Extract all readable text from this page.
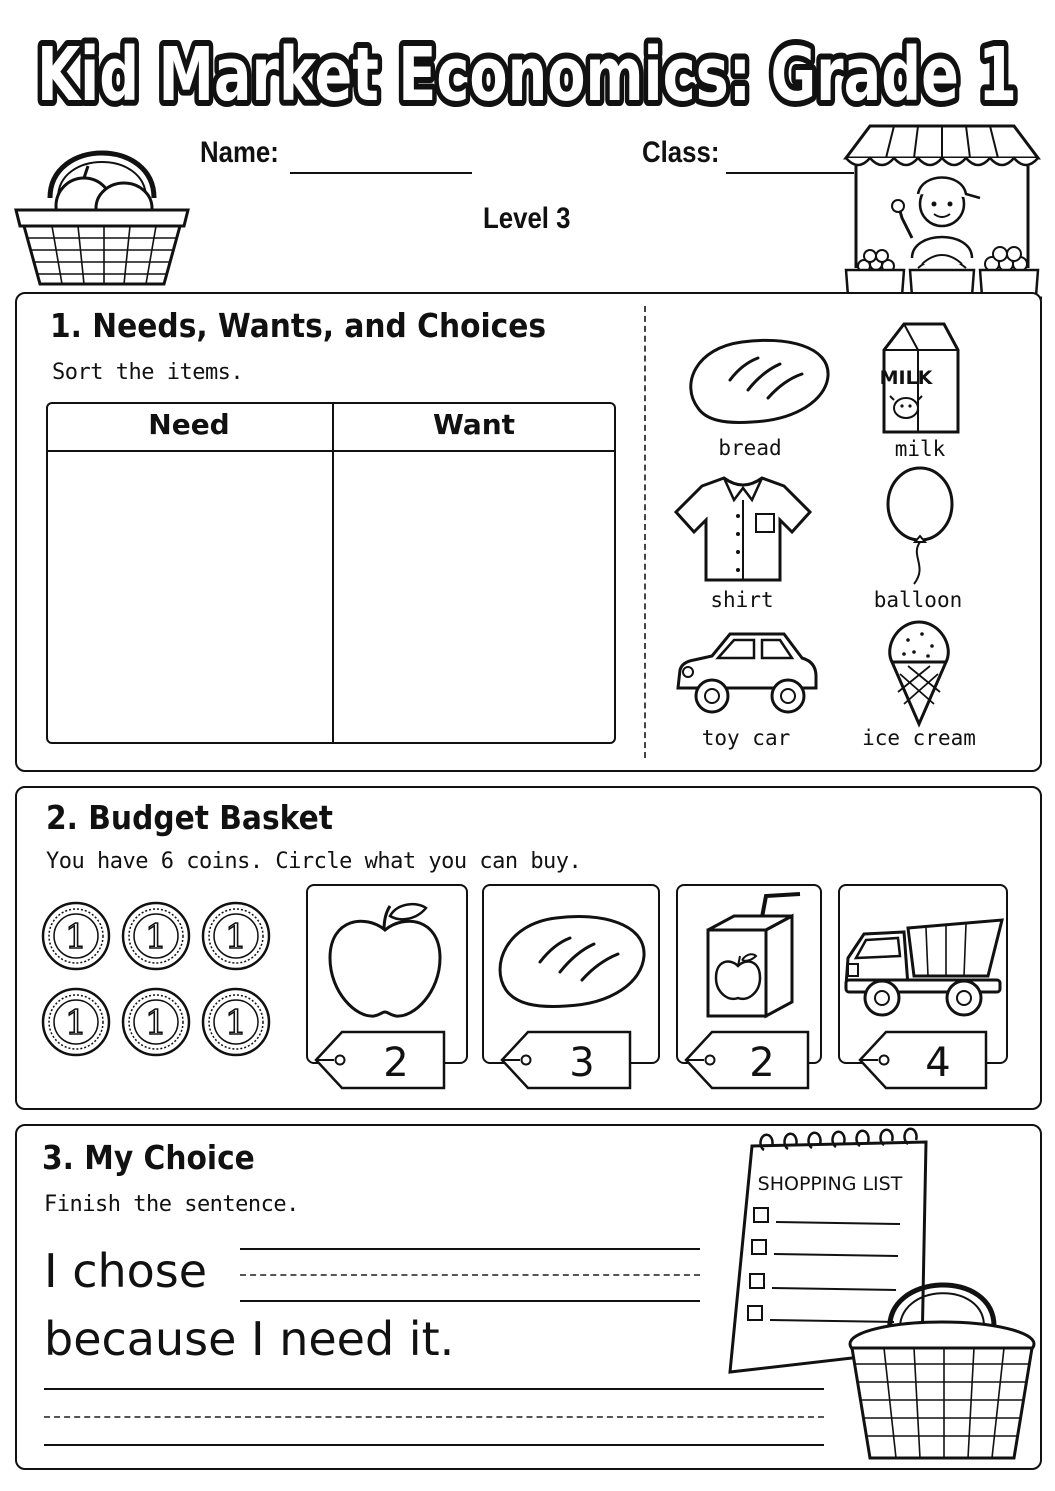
Kid Market Economics: Grade 1
Kid Market Economics: Grade 1
Name:	Class:
Level 3
1. Needs, Wants, and Choices
Sort the items.
Need	Want
MILK
bread	milk
shirt	balloon
toy car	ice cream
2. Budget Basket
You have 6 coins. Circle what you can buy.
1 1 1
1 1 1
2	3	2	4
3. My Choice
Finish the sentence.
I chose
because I need it.
SHOPPING LIST
